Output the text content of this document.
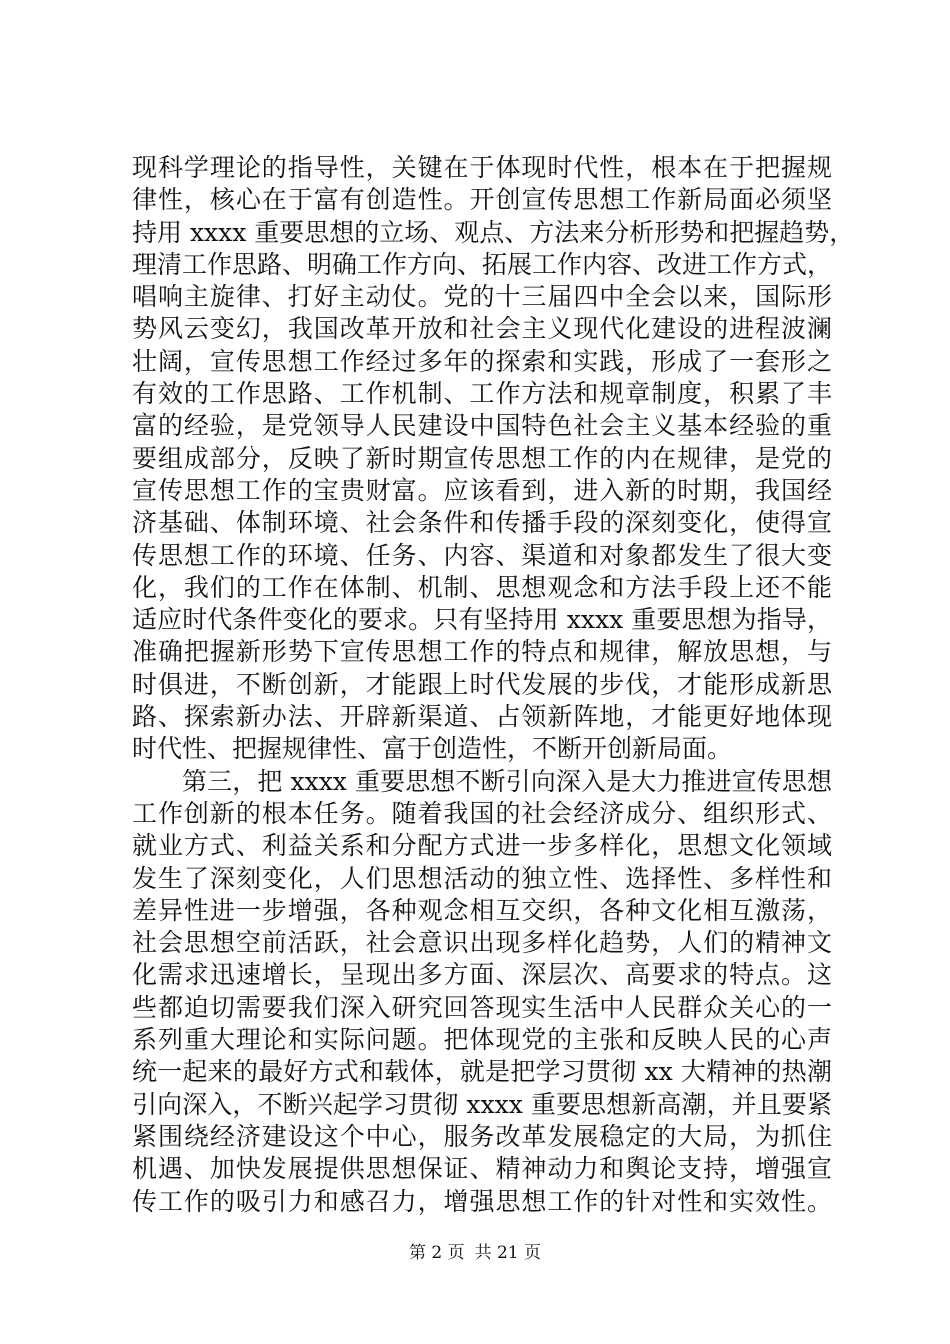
现科学理论的指导性，关键在于体现时代性，根本在于把握规
律性，核心在于富有创造性。开创宣传思想工作新局面必须坚
持用 xxxx 重要思想的立场、观点、方法来分析形势和把握趋势，
理清工作思路、明确工作方向、拓展工作内容、改进工作方式，
唱响主旋律、打好主动仗。党的十三届四中全会以来，国际形
势风云变幻，我国改革开放和社会主义现代化建设的进程波澜
壮阔，宣传思想工作经过多年的探索和实践，形成了一套形之
有效的工作思路、工作机制、工作方法和规章制度，积累了丰
富的经验，是党领导人民建设中国特色社会主义基本经验的重
要组成部分，反映了新时期宣传思想工作的内在规律，是党的
宣传思想工作的宝贵财富。应该看到，进入新的时期，我国经
济基础、体制环境、社会条件和传播手段的深刻变化，使得宣
传思想工作的环境、任务、内容、渠道和对象都发生了很大变
化，我们的工作在体制、机制、思想观念和方法手段上还不能
适应时代条件变化的要求。只有坚持用 xxxx 重要思想为指导，
准确把握新形势下宣传思想工作的特点和规律，解放思想，与
时俱进，不断创新，才能跟上时代发展的步伐，才能形成新思
路、探索新办法、开辟新渠道、占领新阵地，才能更好地体现
时代性、把握规律性、富于创造性，不断开创新局面。
第三，把 xxxx 重要思想不断引向深入是大力推进宣传思想
工作创新的根本任务。随着我国的社会经济成分、组织形式、
就业方式、利益关系和分配方式进一步多样化，思想文化领域
发生了深刻变化，人们思想活动的独立性、选择性、多样性和
差异性进一步增强，各种观念相互交织，各种文化相互激荡，
社会思想空前活跃，社会意识出现多样化趋势，人们的精神文
化需求迅速增长，呈现出多方面、深层次、高要求的特点。这
些都迫切需要我们深入研究回答现实生活中人民群众关心的一
系列重大理论和实际问题。把体现党的主张和反映人民的心声
统一起来的最好方式和载体，就是把学习贯彻 xx 大精神的热潮
引向深入，不断兴起学习贯彻 xxxx 重要思想新高潮，并且要紧
紧围绕经济建设这个中心，服务改革发展稳定的大局，为抓住
机遇、加快发展提供思想保证、精神动力和舆论支持，增强宣
传工作的吸引力和感召力，增强思想工作的针对性和实效性。
第 2 页 共 21 页
